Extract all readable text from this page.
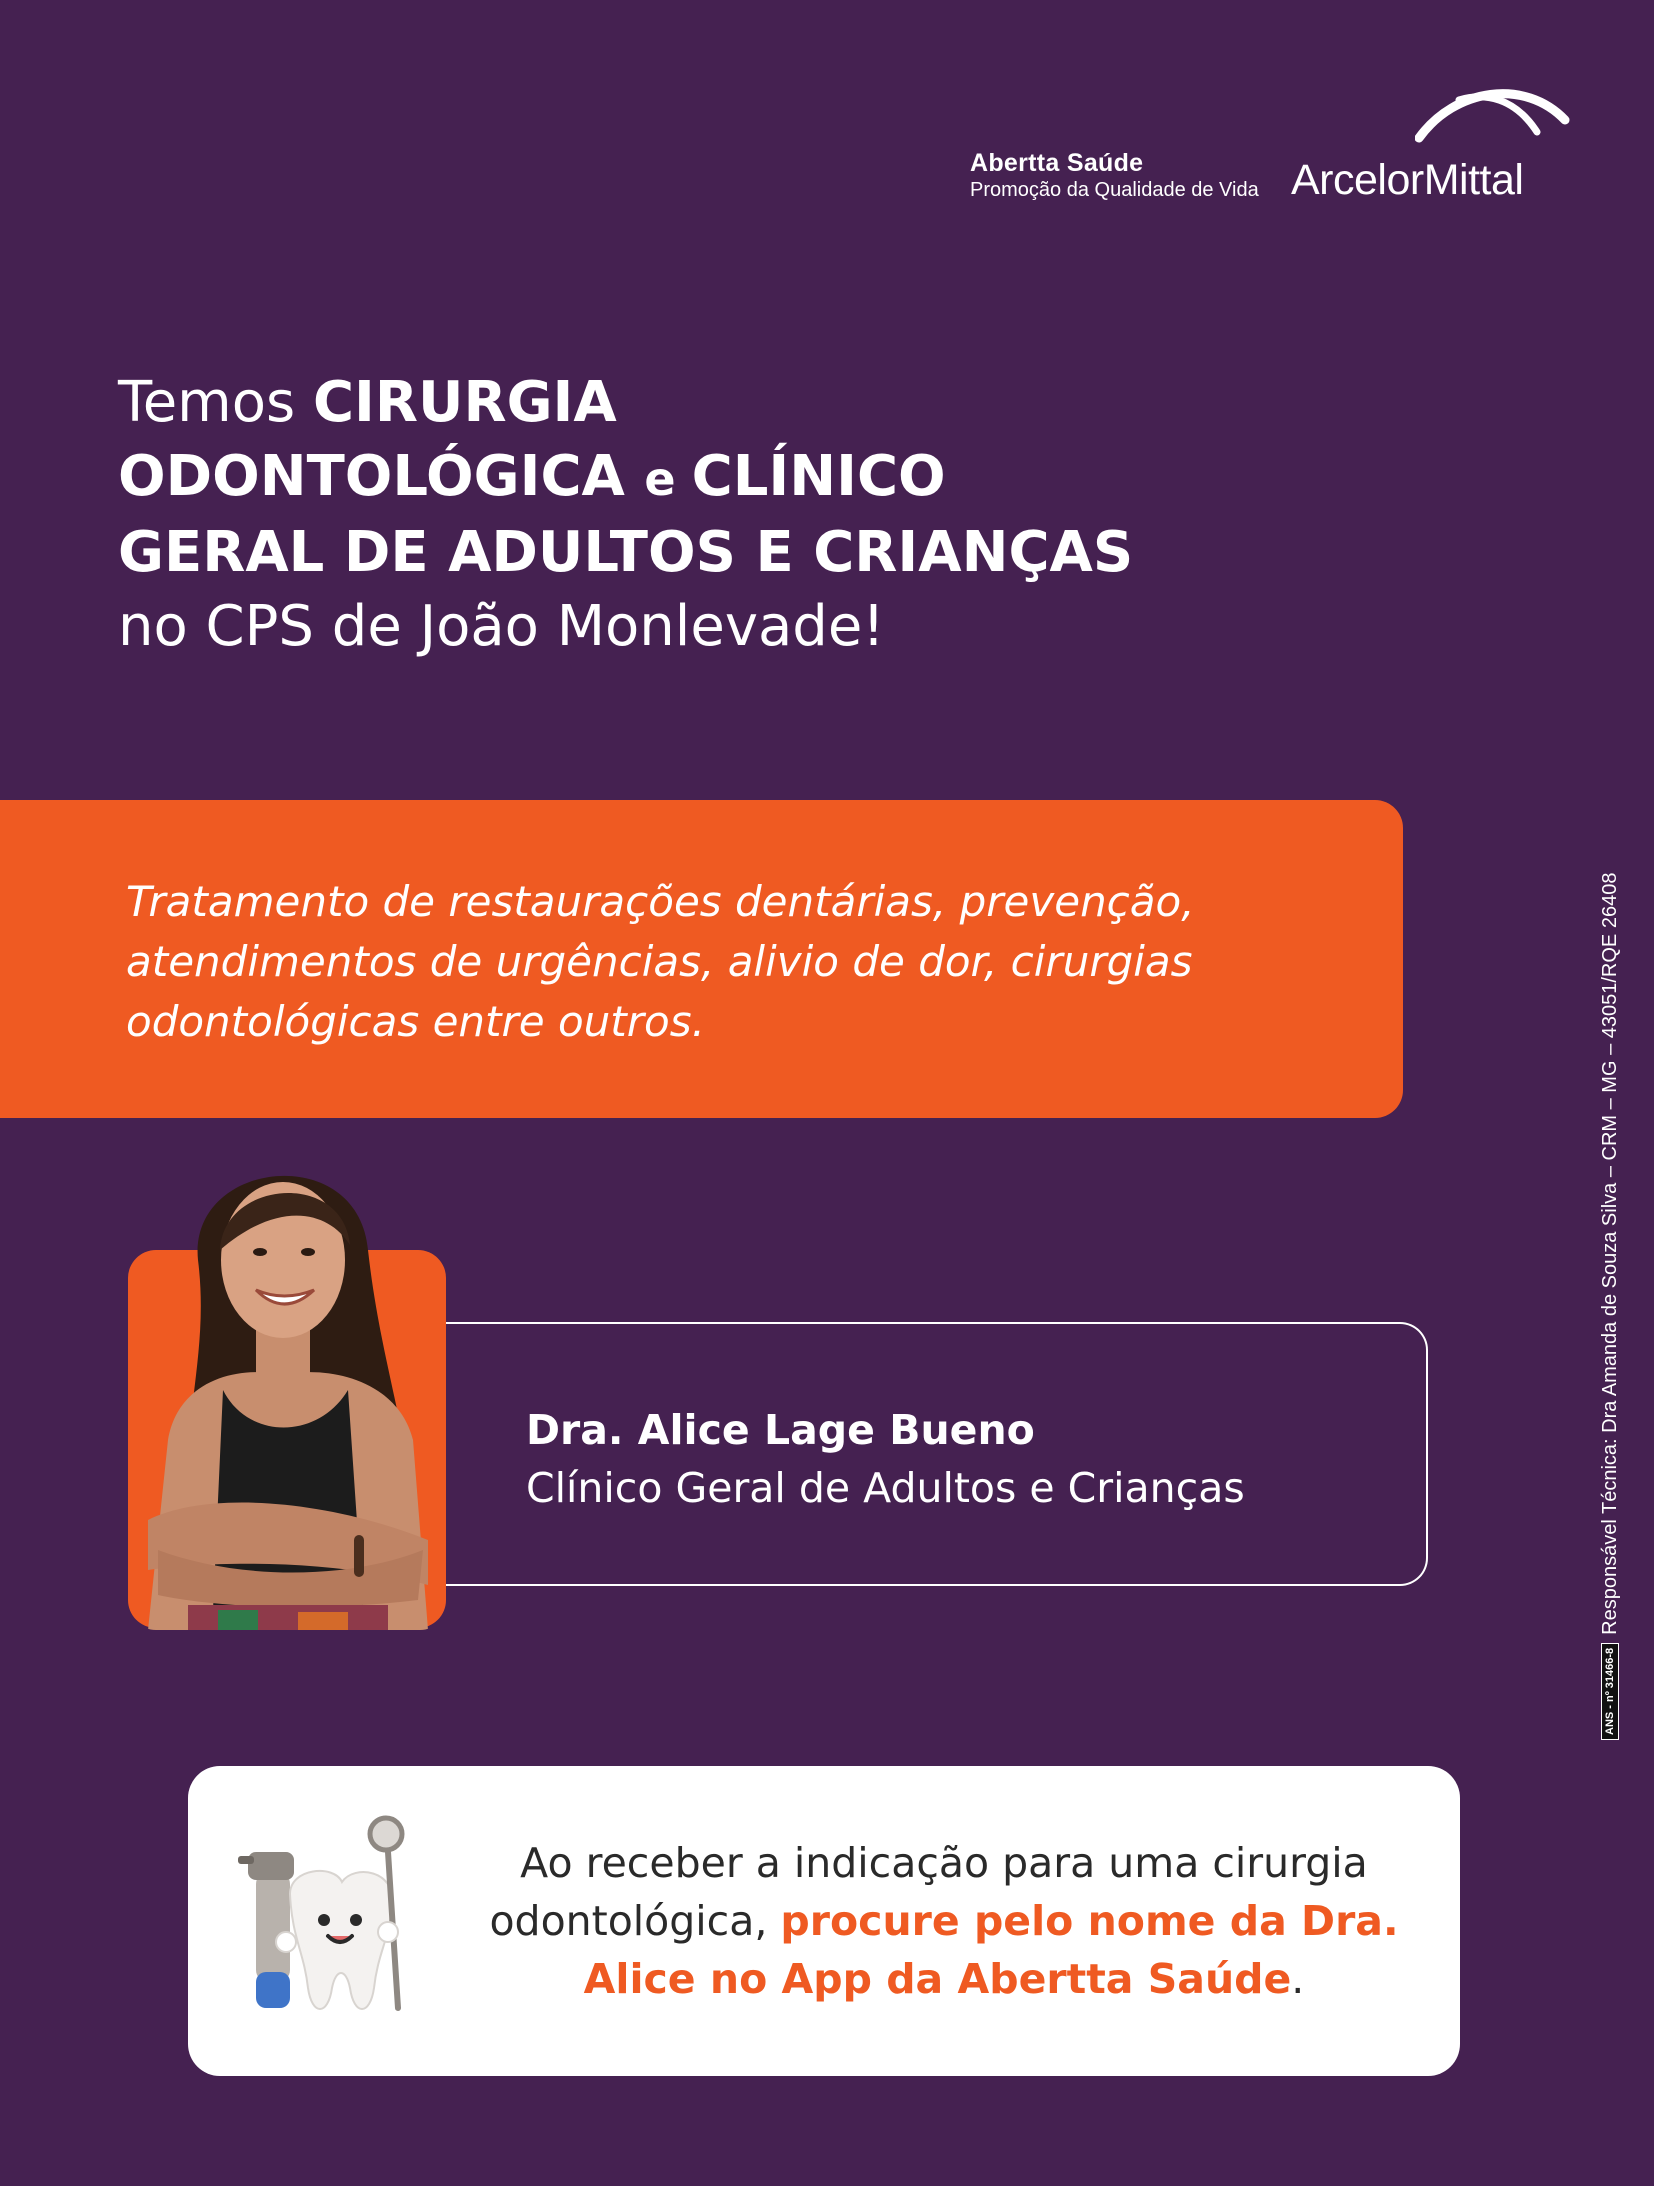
Abertta Saúde
Promoção da Qualidade de Vida ArcelorMittal
Temos CIRURGIA
ODONTOLÓGICA e CLÍNICO
GERAL DE ADULTOS E CRIANÇAS
no CPS de João Monlevade!
Tratamento de restaurações dentárias, prevenção,
atendimentos de urgências, alivio de dor, cirurgias
odontológicas entre outros.
Dra. Alice Lage Bueno
Clínico Geral de Adultos e Crianças
ANS - nº 31466-8
Responsável Técnica: Dra Amanda de Souza Silva – CRM – MG – 43051/RQE 26408
Ao receber a indicação para uma cirurgia
odontológica, procure pelo nome da Dra.
Alice no App da Abertta Saúde.
